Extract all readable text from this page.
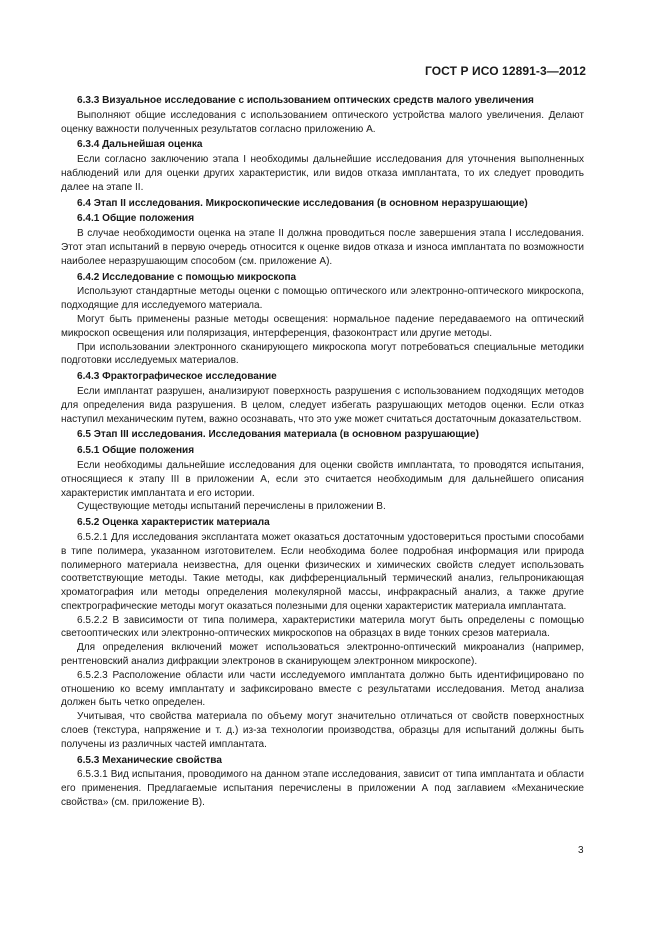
ГОСТ Р ИСО 12891-3—2012

6.3.3 Визуальное исследование с использованием оптических средств малого увеличения

Выполняют общие исследования с использованием оптического устройства малого увеличения. Делают оценку важности полученных результатов согласно приложению А.

6.3.4 Дальнейшая оценка

Если согласно заключению этапа I необходимы дальнейшие исследования для уточнения выполненных наблюдений или для оценки других характеристик, или видов отказа имплантата, то их следует проводить далее на этапе II.

6.4 Этап II исследования. Микроскопические исследования (в основном неразрушающие)

6.4.1 Общие положения

В случае необходимости оценка на этапе II должна проводиться после завершения этапа I исследования. Этот этап испытаний в первую очередь относится к оценке видов отказа и износа имплантата по возможности наиболее неразрушающим способом (см. приложение А).

6.4.2 Исследование с помощью микроскопа

Используют стандартные методы оценки с помощью оптического или электронно-оптического микроскопа, подходящие для исследуемого материала.

Могут быть применены разные методы освещения: нормальное падение передаваемого на оптический микроскоп освещения или поляризация, интерференция, фазоконтраст или другие методы.

При использовании электронного сканирующего микроскопа могут потребоваться специальные методики подготовки исследуемых материалов.

6.4.3 Фрактографическое исследование

Если имплантат разрушен, анализируют поверхность разрушения с использованием подходящих методов для определения вида разрушения. В целом, следует избегать разрушающих методов оценки. Если отказ наступил механическим путем, важно осознавать, что это уже может считаться достаточным доказательством.

6.5 Этап III исследования. Исследования материала (в основном разрушающие)

6.5.1 Общие положения

Если необходимы дальнейшие исследования для оценки свойств имплантата, то проводятся испытания, относящиеся к этапу III в приложении А, если это считается необходимым для дальнейшего описания характеристик имплантата и его истории.

Существующие методы испытаний перечислены в приложении В.

6.5.2 Оценка характеристик материала

6.5.2.1 Для исследования эксплантата может оказаться достаточным удостовериться простыми способами в типе полимера, указанном изготовителем. Если необходима более подробная информация или природа полимерного материала неизвестна, для оценки физических и химических свойств следует использовать соответствующие методы. Такие методы, как дифференциальный термический анализ, гельпроникающая хроматография или методы определения молекулярной массы, инфракрасный анализ, а также другие спектрографические методы могут оказаться полезными для оценки характеристик материала имплантата.

6.5.2.2 В зависимости от типа полимера, характеристики материла могут быть определены с помощью светооптических или электронно-оптических микроскопов на образцах в виде тонких срезов материала.

Для определения включений может использоваться электронно-оптический микроанализ (например, рентгеновский анализ дифракции электронов в сканирующем электронном микроскопе).

6.5.2.3 Расположение области или части исследуемого имплантата должно быть идентифицировано по отношению ко всему имплантату и зафиксировано вместе с результатами исследования. Метод анализа должен быть четко определен.

Учитывая, что свойства материала по объему могут значительно отличаться от свойств поверхностных слоев (текстура, напряжение и т. д.) из-за технологии производства, образцы для испытаний должны быть получены из различных частей имплантата.

6.5.3 Механические свойства

6.5.3.1 Вид испытания, проводимого на данном этапе исследования, зависит от типа имплантата и области его применения. Предлагаемые испытания перечислены в приложении А под заглавием «Механические свойства» (см. приложение В).

3
